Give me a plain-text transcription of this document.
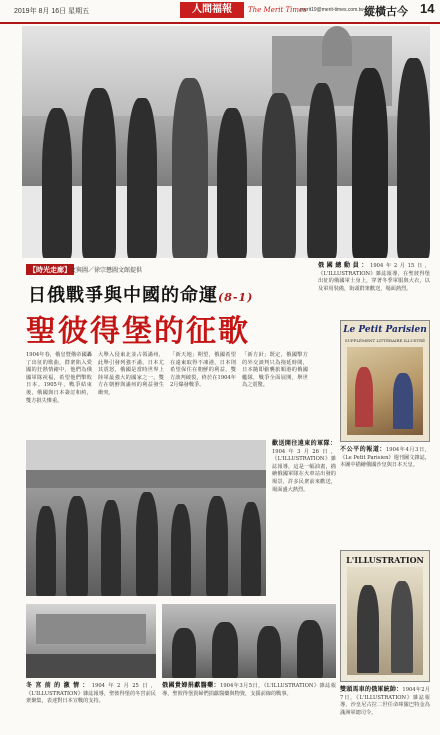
2019年 8月 16日 星期五	人間福報	The Merit Times
merit19@merit-times.com.tw 縱橫古今 14
【時光走廊】 文與圖／徐宗懋圖文館提供
日俄戰爭與中國的命運(8-1)
聖彼得堡的征歌
1904年春，俄皇暨俄帝國轟了出征的歌曲，群衆陷入愛國的狂熱情緒中，他們為俄國軍隊祝福，希望他們擊敗日本。1905年，戰爭結束後，俄國與日本簽訂和約，雙方損失慘重。
大舉入侵東北並占領滿州，此舉引發列強不滿，日本尤其震怒，俄國是當時世界上陸軍最強大的國家之一，雙方在朝鮮與滿州的利益發生衝突。
「新天地」期望，俄國希望在遠東取得不凍港，日本則希望保住在朝鮮的利益，雙方談判破裂，終於在1904年2月爆發戰爭。
「新方針」既定，俄國擊方的外交談判只為拖延時間，日本隨即偷襲旅順港的俄國艦隊，戰爭全面展開，舉世為之震驚。
俄國總動員：1904年2月15日，《L'ILLUSTRATION》雜誌報導，在聖彼得堡出征的俄國軍士身上，穿著冬季軍服與大衣，以及軍用裝備，街頭群衆歡送，場面熱烈。
Le Petit Parisien
SUPPLÉMENT LITTÉRAIRE ILLUSTRÉ
不公平的報道：1904年4月3日，《Le Petit Parisien》週刊圖文雜誌，本圖中描繪俄國沙皇與日本天皇。
L'ILLUSTRATION
雙頭馬車的俄軍統帥：1904年2月7日，《L'ILLUSTRATION》雜誌報導，沙皇尼古拉二世任命庫羅巴特金為滿洲軍總司令。
歡送開往遠東的軍隊：1904年3月26日，《L'ILLUSTRATION》雜誌報導，這是一幅油畫，描繪俄國軍隊在火車站出發的場景，許多民衆前來歡送，場面盛大熱烈。
冬宮前的激情：1904年2月25日，《L'ILLUSTRATION》雜誌報導，聖彼得堡的冬宮前民衆聚集，表達對日本宣戰的支持。
俄國貴婦捐獻醫藥：1904年3月5日，《L'ILLUSTRATION》雜誌報導，聖彼得堡貴婦們捐獻醫藥與物資，支援前線的戰事。
